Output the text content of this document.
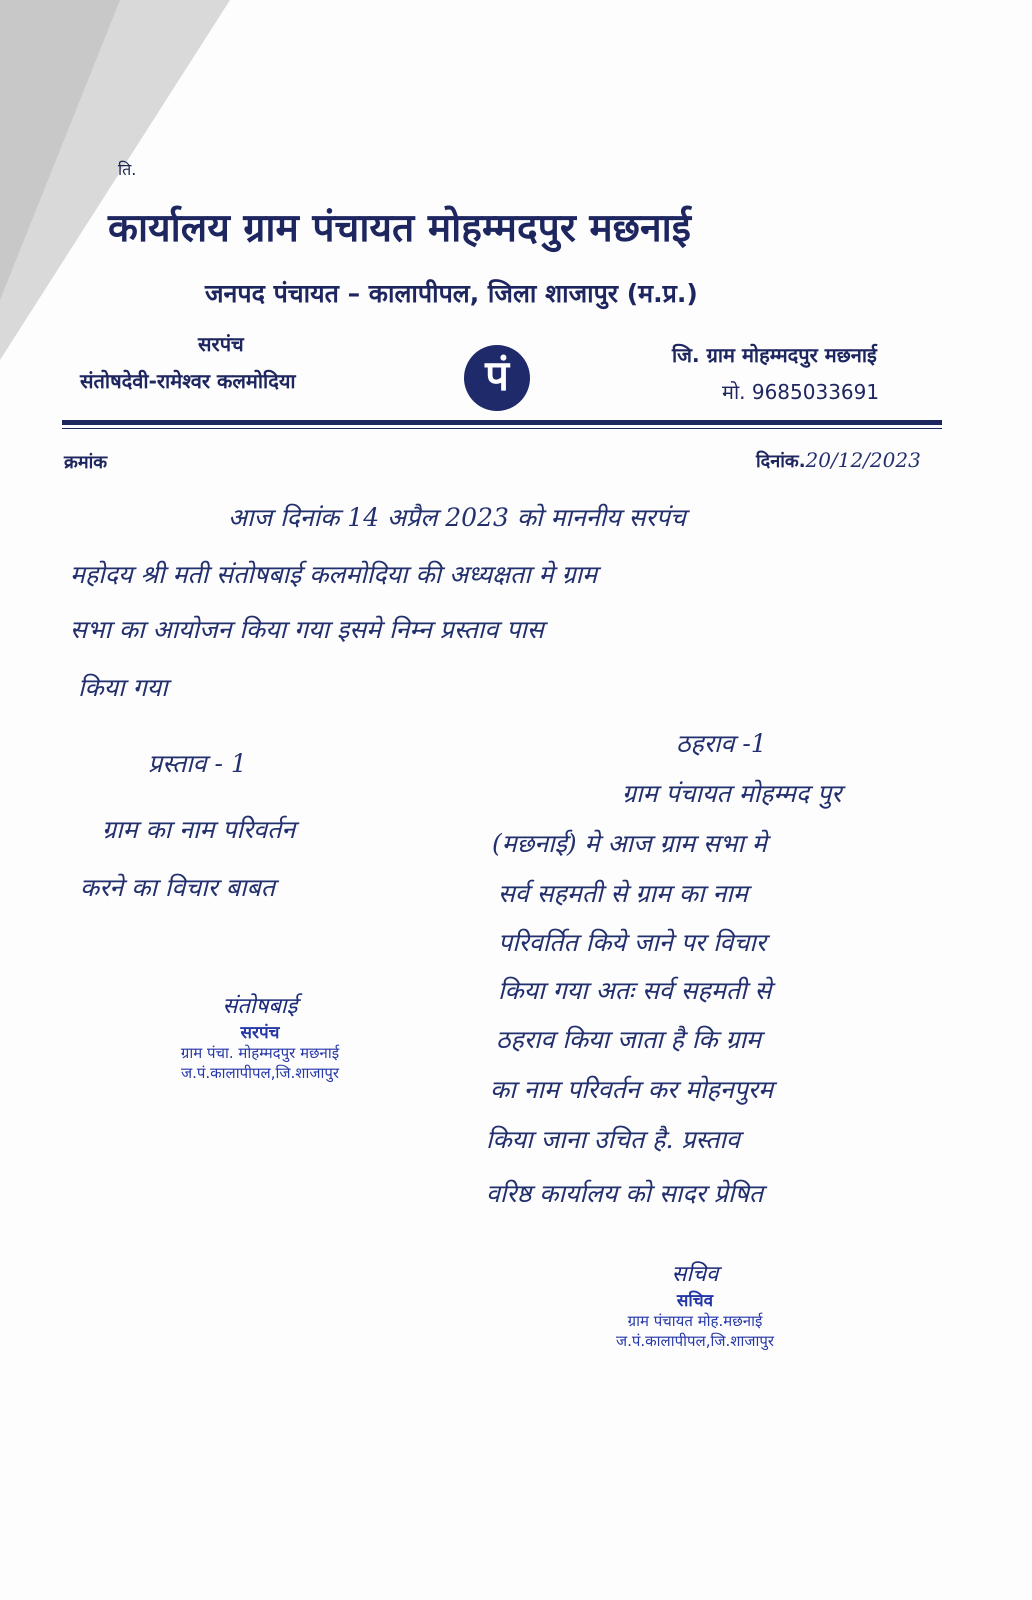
ति.
कार्यालय ग्राम पंचायत मोहम्मदपुर मछनाई
जनपद पंचायत – कालापीपल, जिला शाजापुर (म.प्र.)
सरपंच
संतोषदेवी-रामेश्वर कलमोदिया	पं	जि. ग्राम मोहम्मदपुर मछनाई
मो. 9685033691
क्रमांक	दिनांक.20/12/2023
आज दिनांक 14 अप्रैल 2023 को माननीय सरपंच
महोदय श्री मती संतोषबाई कलमोदिया की अध्यक्षता मे ग्राम
सभा का आयोजन किया गया इसमे निम्न प्रस्ताव पास
किया गया
प्रस्ताव - 1
ग्राम का नाम परिवर्तन
करने का विचार बाबत
ठहराव -1
ग्राम पंचायत मोहम्मद पुर
(मछनाई) मे आज ग्राम सभा मे
सर्व सहमती से ग्राम का नाम
परिवर्तित किये जाने पर विचार
किया गया अतः सर्व सहमती से
ठहराव किया जाता है कि ग्राम
का नाम परिवर्तन कर मोहनपुरम
किया जाना उचित है. प्रस्ताव
वरिष्ठ कार्यालय को सादर प्रेषित
संतोषबाई
सरपंच
ग्राम पंचा. मोहम्मदपुर मछनाई
ज.पं.कालापीपल,जि.शाजापुर
सचिव
सचिव
ग्राम पंचायत मोह.मछनाई
ज.पं.कालापीपल,जि.शाजापुर
